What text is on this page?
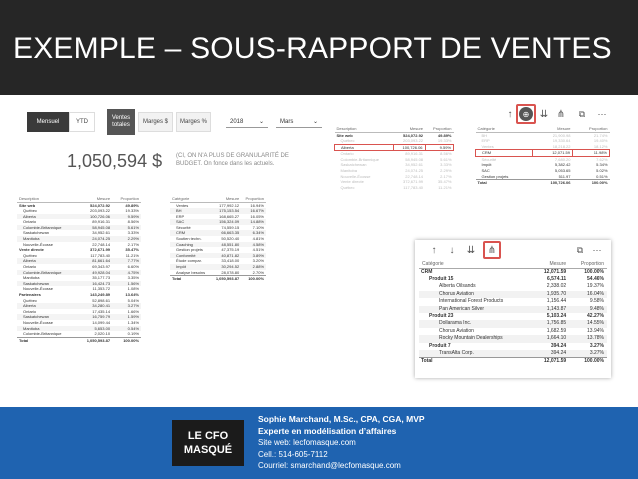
EXEMPLE – SOUS-RAPPORT DE VENTES
Mensuel	YTD
Ventes
totales	Marges $	Marges %	2018	⌄	Mars	⌄
1,050,594 $ (CI, ON N'A PLUS DE GRANULARITÉ DE BUDGET. On fonce dans les actuels.
Description	Mesure	Proportion
Site web	524,072.92	49.89%
Québec	203,093.22	19.33%
Alberta	100,726.06	9.59%
Ontario	89,916.31	8.56%
Colombie-Britannique	58,945.08	5.61%
Saskatchewan	34,952.61	3.33%
Manitoba	24,074.25	2.29%
Nouvelle-Écosse	22,748.14	2.17%
Vente directe	372,671.99	35.47%
Québec	117,783.40	11.21%
Alberta	81,661.64	7.77%
Ontario	69,343.97	6.60%
Colombie-Britannique	49,928.04	4.75%
Manitoba	35,177.73	3.35%
Saskatchewan	16,424.73	1.56%
Nouvelle-Écosse	11,353.72	1.08%
Partenaires	143,249.89	13.64%
Québec	52,898.61	5.04%
Alberta	34,280.41	3.27%
Ontario	17,435.14	1.66%
Saskatchewan	16,759.79	1.59%
Nouvelle-Écosse	14,099.44	1.34%
Manitoba	5,653.00	0.54%
Colombie-Britannique	2,020.10	0.19%
Total	1,050,593.87	100.00%
Catégorie	Mesure	Proportion
Ventes	177,992.12	16.94%
BH	175,153.54	16.67%
ERP	168,665.27	16.05%
SAC	156,324.09	14.88%
Sécurité	74,559.15	7.10%
CRM	66,663.35	6.34%
Soutien techn.	50,520.40	4.81%
Coaching	48,551.80	4.58%
Gestion projets	47,375.19	4.51%
Conformité	40,871.82	3.89%
Étude compar.	33,418.00	3.20%
Impôt	30,294.52	2.88%
Analyse besoins	28,078.80	2.70%
Total	1,050,593.87	100.00%
↑	⊕	⇊ ⋔ ⧉ ⋯
Description	Mesure	Proportion
Site web	524,072.92	49.89%
Québec	203,093.22	19.33%
Alberta	100,726.06	9.59%
Ontario	89,916.31	8.56%
Colombie-Britannique	58,945.08	5.61%
Saskatchewan	34,952.61	3.33%
Manitoba	24,074.25	2.29%
Nouvelle-Écosse	22,748.14	2.17%
Vente directe	372,671.99	35.47%
Québec	117,783.40	11.21%
Catégorie	Mesure	Proportion
BH	21,900.98	21.74%
ERP	19,330.64	19.40%
Ventes	18,218.22	18.12%
CRM	12,071.59	11.98%
Sécurité	7,680.20	7.62%
Impôt	5,382.42	5.34%
SAC	5,053.65	5.02%
Gestion projets	511.97	0.51%
Total	100,726.06	100.00%
↑ ↓ ⇊ ⋔	⧉ ⋯
Catégorie	Mesure	Proportion
CRM	12,071.59	100.00%
Produit 15	6,574.11	54.46%
Alberta Oilsands	2,338.02	19.37%
Chorus Aviation	1,935.70	16.04%
International Forest Products	1,156.44	9.58%
Pan American Silver	1,143.87	9.48%
Produit 23	5,103.24	42.27%
Dollarama Inc.	1,756.85	14.55%
Chorus Aviation	1,682.59	13.94%
Rocky Mountain Dealerships	1,664.10	13.78%
Produit 7	394.24	3.27%
TransAlta Corp.	394.24	3.27%
Total	12,071.59	100.00%
LE CFO
MASQUÉ
Sophie Marchand, M.Sc., CPA, CGA, MVP
Experte en modélisation d’affaires
Site web: lecfomasque.com
Cell.: 514-605-7112
Courriel: smarchand@lecfomasque.com
